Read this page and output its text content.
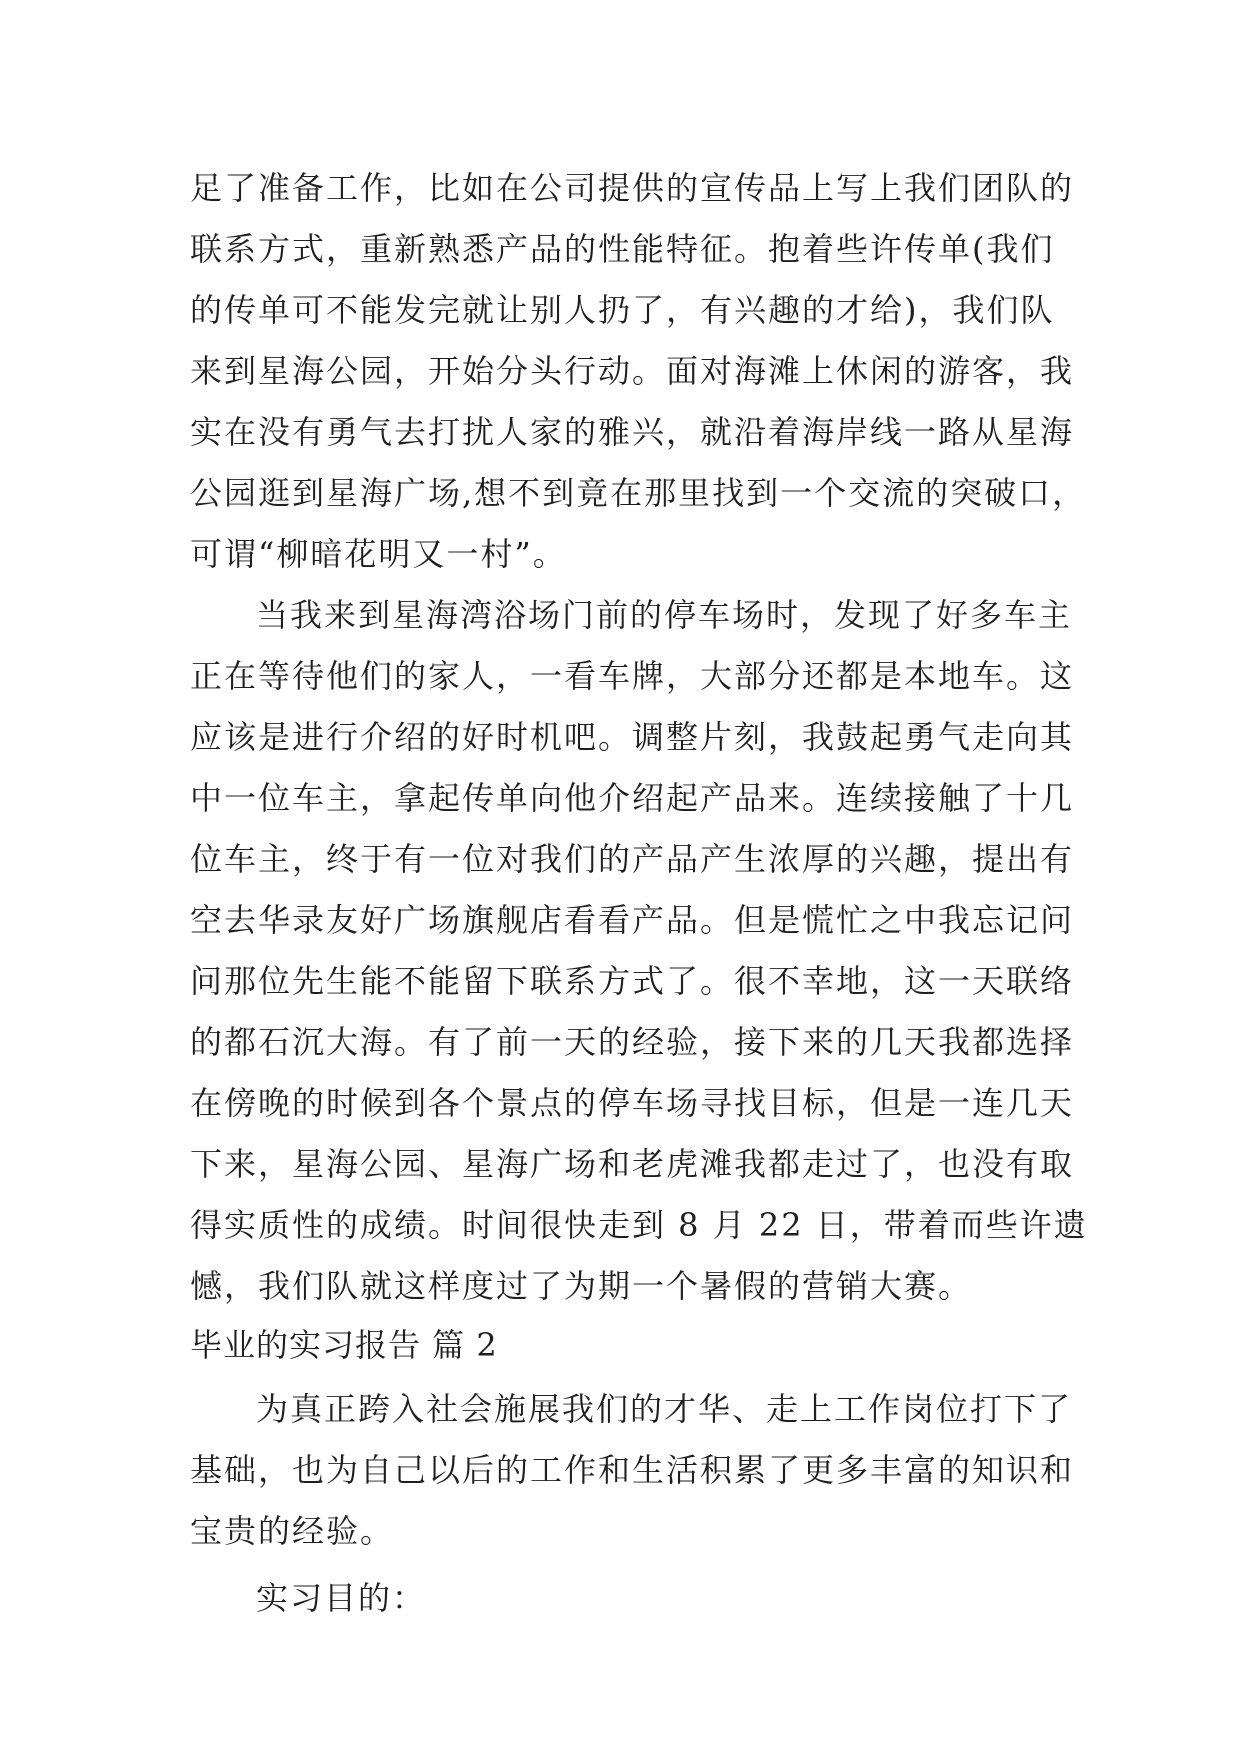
足了准备工作，比如在公司提供的宣传品上写上我们团队的
联系方式，重新熟悉产品的性能特征。抱着些许传单(我们
的传单可不能发完就让别人扔了，有兴趣的才给)，我们队
来到星海公园，开始分头行动。面对海滩上休闲的游客，我
实在没有勇气去打扰人家的雅兴，就沿着海岸线一路从星海
公园逛到星海广场,想不到竟在那里找到一个交流的突破口，
可谓“柳暗花明又一村”。
当我来到星海湾浴场门前的停车场时，发现了好多车主
正在等待他们的家人，一看车牌，大部分还都是本地车。这
应该是进行介绍的好时机吧。调整片刻，我鼓起勇气走向其
中一位车主，拿起传单向他介绍起产品来。连续接触了十几
位车主，终于有一位对我们的产品产生浓厚的兴趣，提出有
空去华录友好广场旗舰店看看产品。但是慌忙之中我忘记问
问那位先生能不能留下联系方式了。很不幸地，这一天联络
的都石沉大海。有了前一天的经验，接下来的几天我都选择
在傍晚的时候到各个景点的停车场寻找目标，但是一连几天
下来，星海公园、星海广场和老虎滩我都走过了，也没有取
得实质性的成绩。时间很快走到 8 月 22 日，带着而些许遗
憾，我们队就这样度过了为期一个暑假的营销大赛。
毕业的实习报告 篇 2
为真正跨入社会施展我们的才华、走上工作岗位打下了
基础，也为自己以后的工作和生活积累了更多丰富的知识和
宝贵的经验。
实习目的：
